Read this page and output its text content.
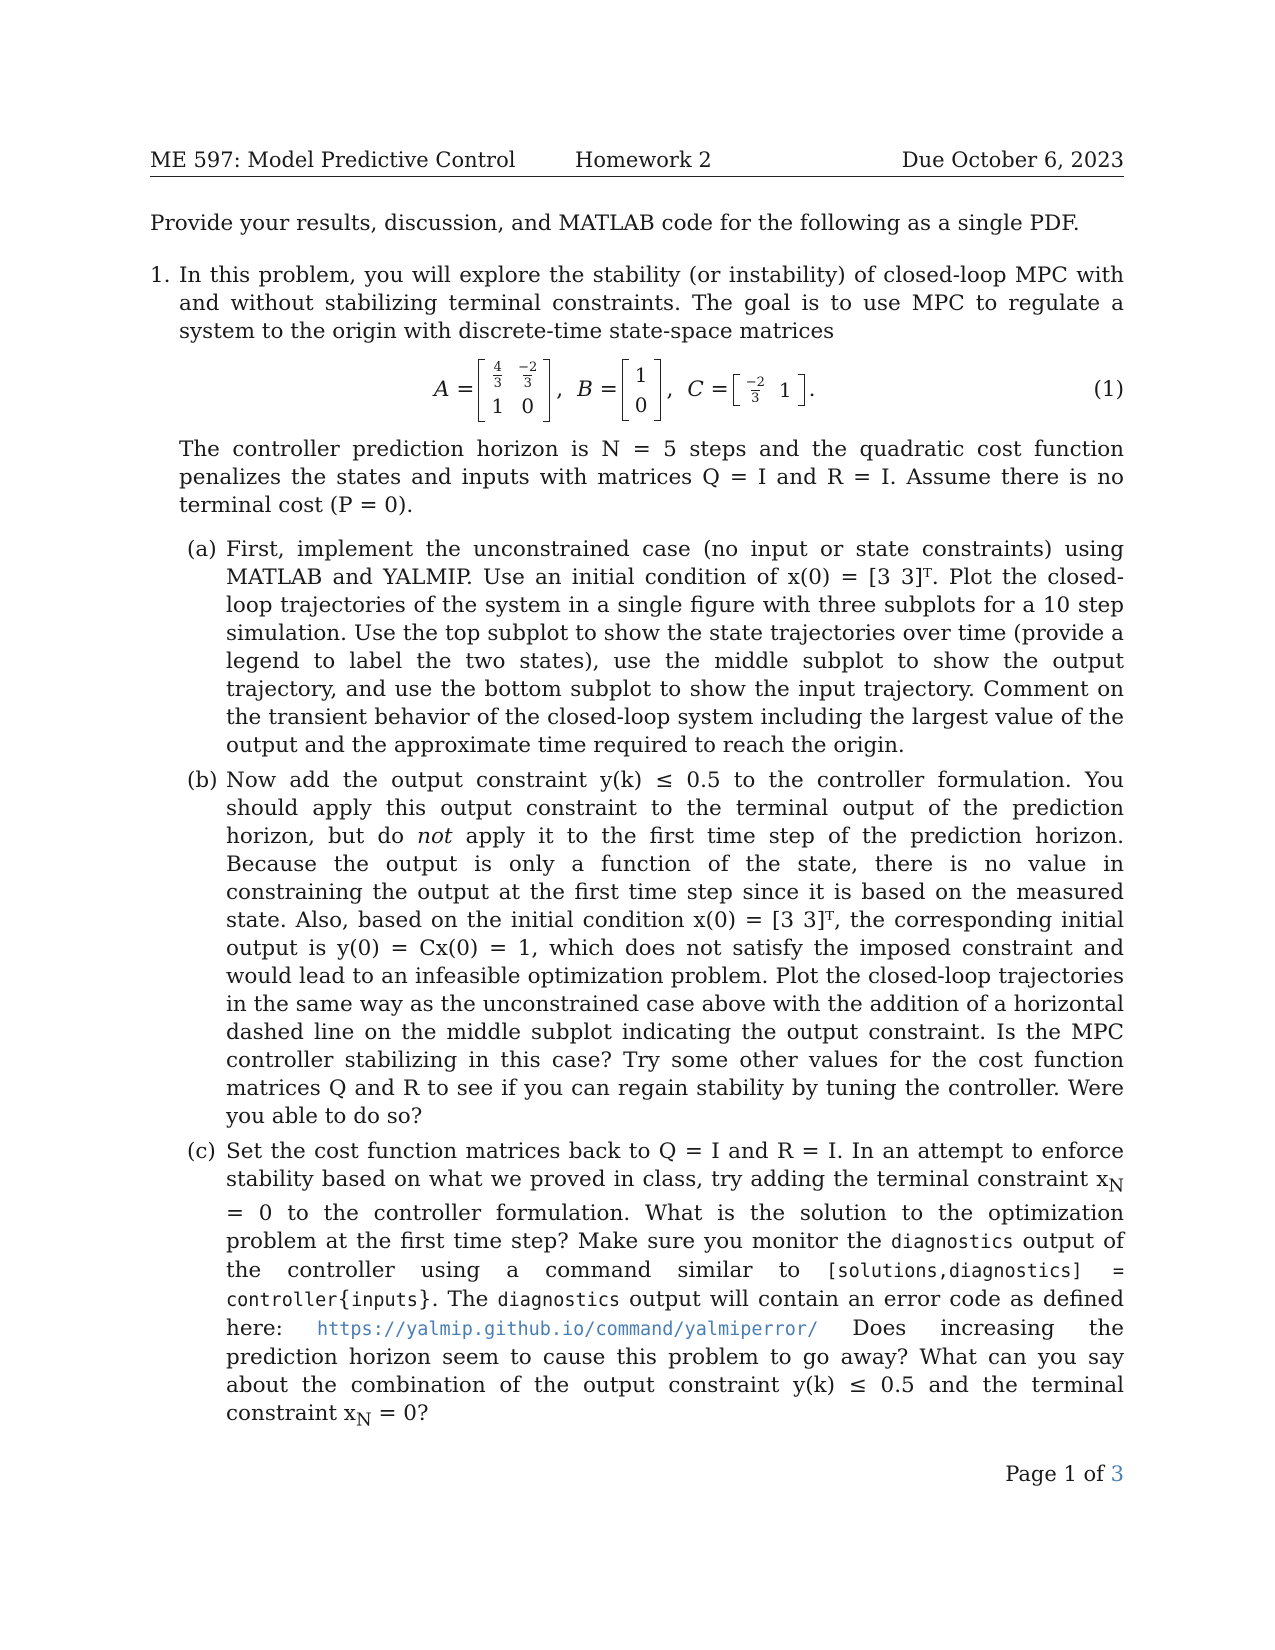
ME 597: Model Predictive Control	Homework 2	Due October 6, 2023
Provide your results, discussion, and MATLAB code for the following as a single PDF.
1. In this problem, you will explore the stability (or instability) of closed-loop MPC with and without stabilizing terminal constraints. The goal is to use MPC to regulate a system to the origin with discrete-time state-space matrices
$A = \frac{4}{3} \frac{-2}{3}$
1 0
, B =
1
0
, $C = \frac{-2}{3} 1$ .	(1)
The controller prediction horizon is N = 5 steps and the quadratic cost function penalizes the states and inputs with matrices Q = I and R = I. Assume there is no terminal cost (P = 0).
(a) First, implement the unconstrained case (no input or state constraints) using MATLAB and YALMIP. Use an initial condition of x(0) = [3 3]ᵀ. Plot the closed-loop trajectories of the system in a single figure with three subplots for a 10 step simulation. Use the top subplot to show the state trajectories over time (provide a legend to label the two states), use the middle subplot to show the output trajectory, and use the bottom subplot to show the input trajectory. Comment on the transient behavior of the closed-loop system including the largest value of the output and the approximate time required to reach the origin.
(b) Now add the output constraint y(k) ≤ 0.5 to the controller formulation. You should apply this output constraint to the terminal output of the prediction horizon, but do not apply it to the first time step of the prediction horizon. Because the output is only a function of the state, there is no value in constraining the output at the first time step since it is based on the measured state. Also, based on the initial condition x(0) = [3 3]ᵀ, the corresponding initial output is y(0) = Cx(0) = 1, which does not satisfy the imposed constraint and would lead to an infeasible optimization problem. Plot the closed-loop trajectories in the same way as the unconstrained case above with the addition of a horizontal dashed line on the middle subplot indicating the output constraint. Is the MPC controller stabilizing in this case? Try some other values for the cost function matrices Q and R to see if you can regain stability by tuning the controller. Were you able to do so?
(c) Set the cost function matrices back to Q = I and R = I. In an attempt to enforce stability based on what we proved in class, try adding the terminal constraint $x_N = 0$ to the controller formulation. What is the solution to the optimization problem at the first time step? Make sure you monitor the diagnostics output of the controller using a command similar to [solutions,diagnostics] = controller{inputs}. The diagnostics output will contain an error code as defined here: https://yalmip.github.io/command/yalmiperror/ Does increasing the prediction horizon seem to cause this problem to go away? What can you say about the combination of the output constraint y(k) ≤ 0.5 and the terminal constraint $x_N = 0$?
Page 1 of 3
